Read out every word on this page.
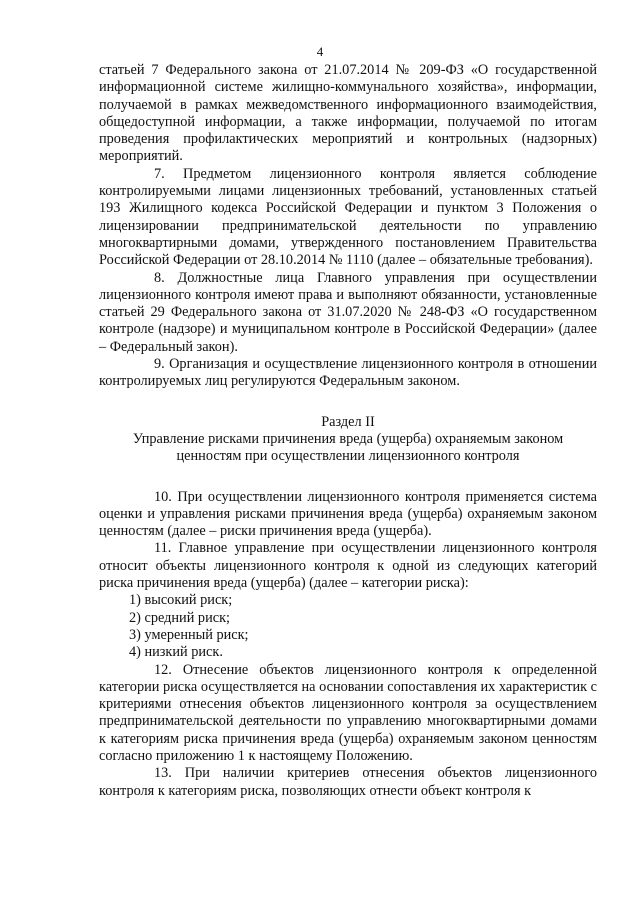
4

статьей 7 Федерального закона от 21.07.2014 № 209-ФЗ «О государственной информационной системе жилищно-коммунального хозяйства», информации, получаемой в рамках межведомственного информационного взаимодействия, общедоступной информации, а также информации, получаемой по итогам проведения профилактических мероприятий и контрольных (надзорных) мероприятий.

7. Предметом лицензионного контроля является соблюдение контролируемыми лицами лицензионных требований, установленных статьей 193 Жилищного кодекса Российской Федерации и пунктом 3 Положения о лицензировании предпринимательской деятельности по управлению многоквартирными домами, утвержденного постановлением Правительства Российской Федерации от 28.10.2014 № 1110 (далее – обязательные требования).

8. Должностные лица Главного управления при осуществлении лицензионного контроля имеют права и выполняют обязанности, установленные статьей 29 Федерального закона от 31.07.2020 № 248-ФЗ «О государственном контроле (надзоре) и муниципальном контроле в Российской Федерации» (далее – Федеральный закон).

9. Организация и осуществление лицензионного контроля в отношении контролируемых лиц регулируются Федеральным законом.

Раздел II

Управление рисками причинения вреда (ущерба) охраняемым законом ценностям при осуществлении лицензионного контроля

10. При осуществлении лицензионного контроля применяется система оценки и управления рисками причинения вреда (ущерба) охраняемым законом ценностям (далее – риски причинения вреда (ущерба).

11. Главное управление при осуществлении лицензионного контроля относит объекты лицензионного контроля к одной из следующих категорий риска причинения вреда (ущерба) (далее – категории риска):

1) высокий риск;

2) средний риск;

3) умеренный риск;

4) низкий риск.

12. Отнесение объектов лицензионного контроля к определенной категории риска осуществляется на основании сопоставления их характеристик с критериями отнесения объектов лицензионного контроля за осуществлением предпринимательской деятельности по управлению многоквартирными домами к категориям риска причинения вреда (ущерба) охраняемым законом ценностям согласно приложению 1 к настоящему Положению.

13. При наличии критериев отнесения объектов лицензионного контроля к категориям риска, позволяющих отнести объект контроля к
